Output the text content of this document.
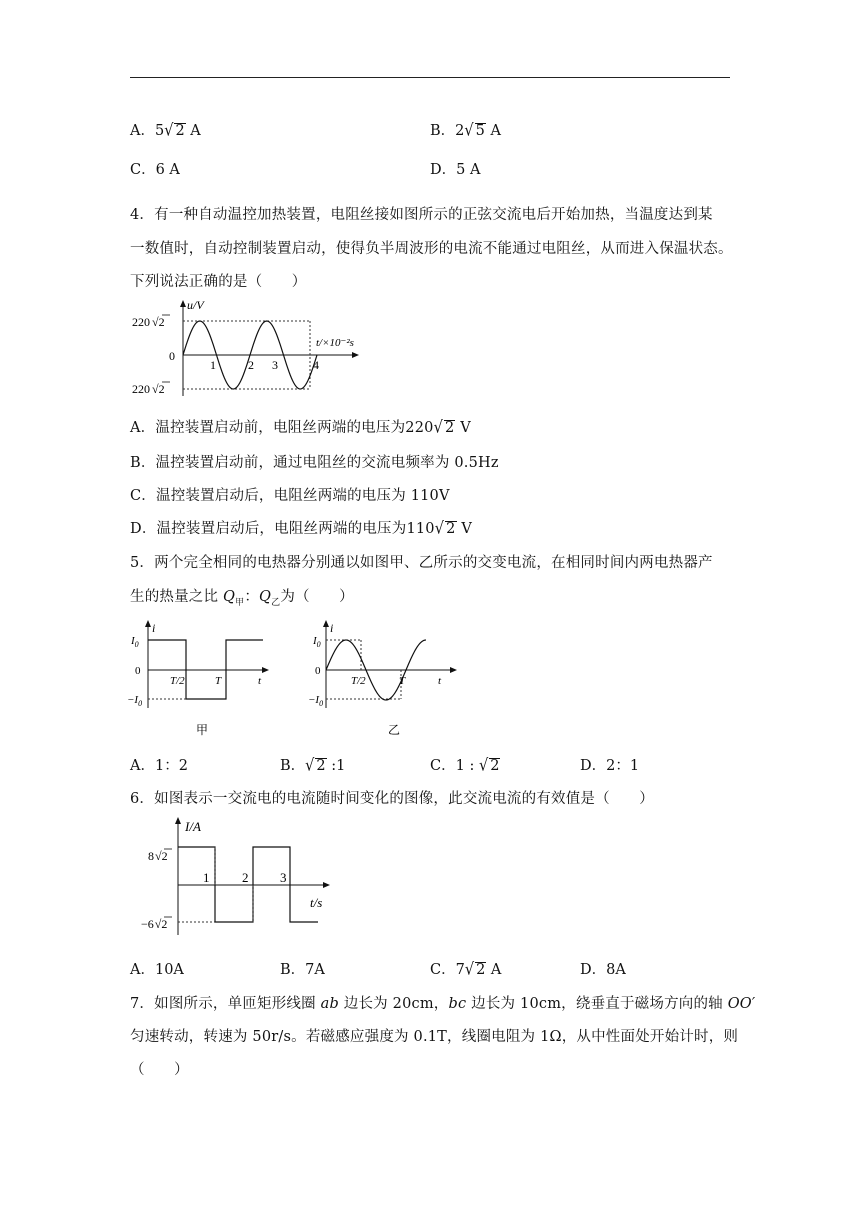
A．5√ 2 A	B．2√ 5 A
C．6 A	D．5 A
4．有一种自动温控加热装置，电阻丝接如图所示的正弦交流电后开始加热，当温度达到某
一数值时，自动控制装置启动，使得负半周波形的电流不能通过电阻丝，从而进入保温状态。
下列说法正确的是（　　）
u/V
t/×10⁻²s
220 √2
220 √2
0
1	2 3	4
A．温控装置启动前，电阻丝两端的电压为220√ 2 V
B．温控装置启动前，通过电阻丝的交流电频率为 0.5Hz
C．温控装置启动后，电阻丝两端的电压为 110V
D．温控装置启动后，电阻丝两端的电压为110√ 2 V
5．两个完全相同的电热器分别通以如图甲、乙所示的交变电流，在相同时间内两电热器产
生的热量之比 $Q_甲$：$Q_乙$为（　　）
i
$I_0$
0
$-I_0$
T/2	T	t
甲
i
$I_0$
0
$-I_0$
T/2	T	t
乙
A．1：2	B．√ 2 :1	C．1 : √ 2	D．2：1
6．如图表示一交流电的电流随时间变化的图像，此交流电流的有效值是（　　）
I/A
t/s
8√2
−6√2
1	2 3
A．10A	B．7A	C．7√ 2 A	D．8A
7．如图所示，单匝矩形线圈 ab 边长为 20cm，bc 边长为 10cm，绕垂直于磁场方向的轴 OO′
匀速转动，转速为 50r/s。若磁感应强度为 0.1T，线圈电阻为 1Ω，从中性面处开始计时，则
（　　）
